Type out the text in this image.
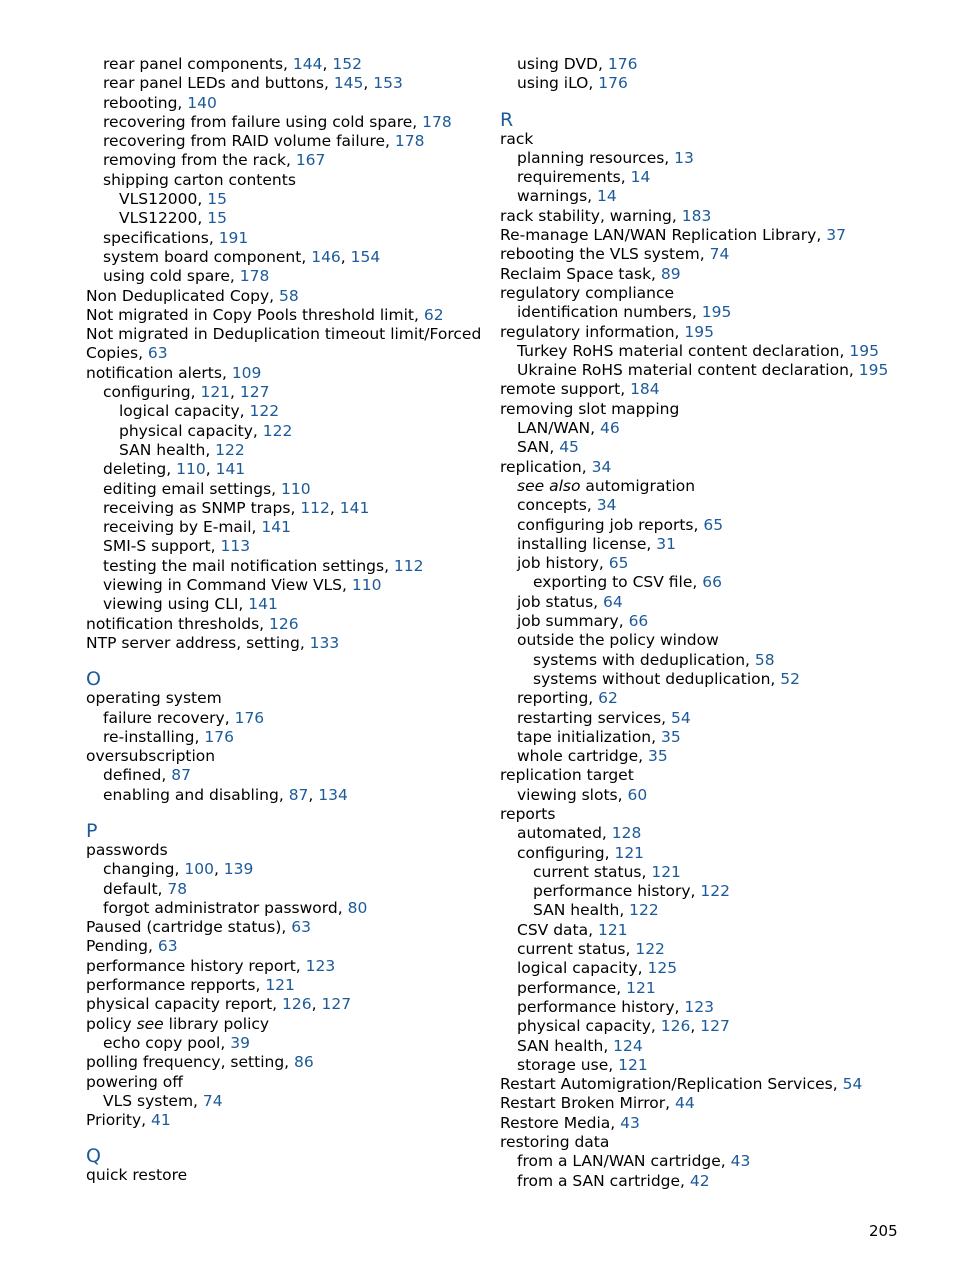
rear panel components, 144, 152
rear panel LEDs and buttons, 145, 153
rebooting, 140
recovering from failure using cold spare, 178
recovering from RAID volume failure, 178
removing from the rack, 167
shipping carton contents
VLS12000, 15
VLS12200, 15
specifications, 191
system board component, 146, 154
using cold spare, 178
Non Deduplicated Copy, 58
Not migrated in Copy Pools threshold limit, 62
Not migrated in Deduplication timeout limit/Forced Copies, 63
notification alerts, 109
configuring, 121, 127
logical capacity, 122
physical capacity, 122
SAN health, 122
deleting, 110, 141
editing email settings, 110
receiving as SNMP traps, 112, 141
receiving by E-mail, 141
SMI-S support, 113
testing the mail notification settings, 112
viewing in Command View VLS, 110
viewing using CLI, 141
notification thresholds, 126
NTP server address, setting, 133
O
operating system
failure recovery, 176
re-installing, 176
oversubscription
defined, 87
enabling and disabling, 87, 134
P
passwords
changing, 100, 139
default, 78
forgot administrator password, 80
Paused (cartridge status), 63
Pending, 63
performance history report, 123
performance repports, 121
physical capacity report, 126, 127
policy see library policy
echo copy pool, 39
polling frequency, setting, 86
powering off
VLS system, 74
Priority, 41
Q
quick restore
using DVD, 176
using iLO, 176
R
rack
planning resources, 13
requirements, 14
warnings, 14
rack stability, warning, 183
Re-manage LAN/WAN Replication Library, 37
rebooting the VLS system, 74
Reclaim Space task, 89
regulatory compliance
identification numbers, 195
regulatory information, 195
Turkey RoHS material content declaration, 195
Ukraine RoHS material content declaration, 195
remote support, 184
removing slot mapping
LAN/WAN, 46
SAN, 45
replication, 34
see also automigration
concepts, 34
configuring job reports, 65
installing license, 31
job history, 65
exporting to CSV file, 66
job status, 64
job summary, 66
outside the policy window
systems with deduplication, 58
systems without deduplication, 52
reporting, 62
restarting services, 54
tape initialization, 35
whole cartridge, 35
replication target
viewing slots, 60
reports
automated, 128
configuring, 121
current status, 121
performance history, 122
SAN health, 122
CSV data, 121
current status, 122
logical capacity, 125
performance, 121
performance history, 123
physical capacity, 126, 127
SAN health, 124
storage use, 121
Restart Automigration/Replication Services, 54
Restart Broken Mirror, 44
Restore Media, 43
restoring data
from a LAN/WAN cartridge, 43
from a SAN cartridge, 42
205
